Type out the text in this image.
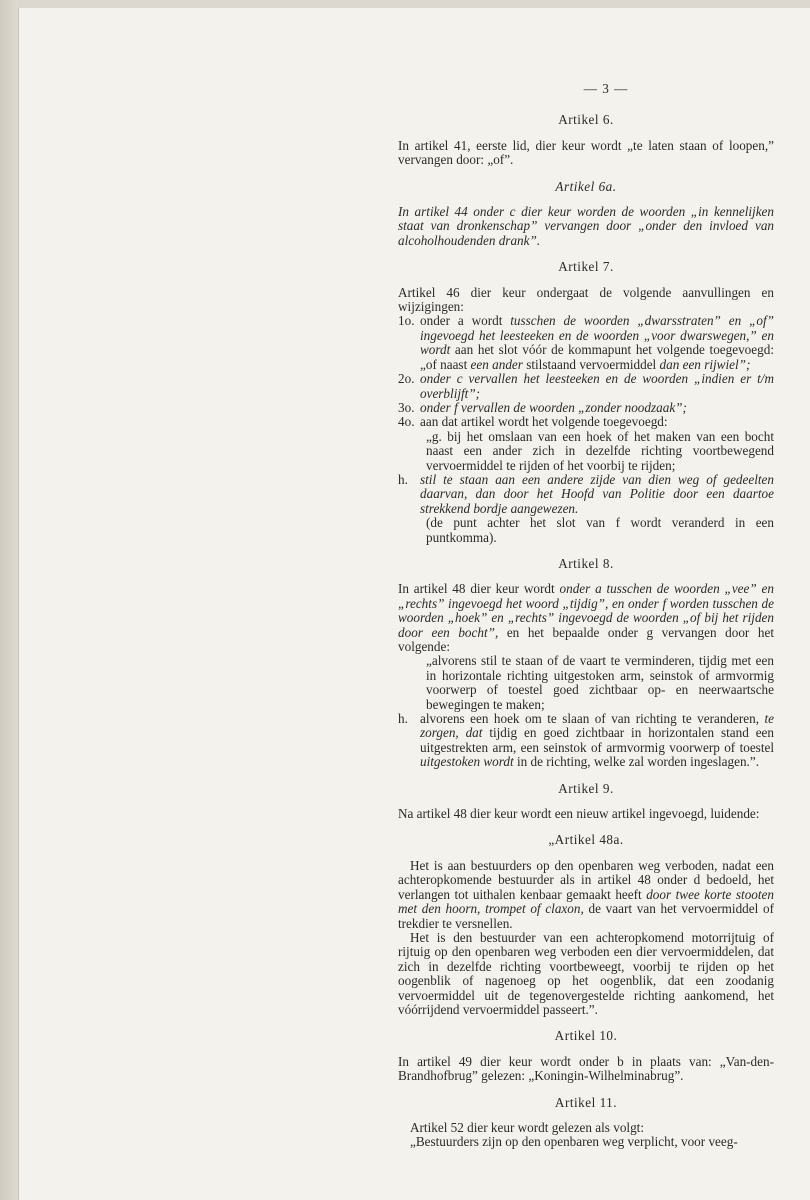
— 3 —
Artikel 6.

In artikel 41, eerste lid, dier keur wordt „te laten staan of loopen,” vervangen door: „of”.

Artikel 6a.

In artikel 44 onder c dier keur worden de woorden „in kennelijken staat van dronkenschap” vervangen door „onder den invloed van alcoholhoudenden drank”.

Artikel 7.
Artikel 46 dier keur ondergaat de volgende aanvullingen en wijzigingen:
1o. onder a wordt tusschen de woorden „dwarsstraten” en „of” ingevoegd het leesteeken en de woorden „voor dwarswegen,” en wordt aan het slot vóór de kommapunt het volgende toegevoegd: „of naast een ander stilstaand vervoermiddel dan een rijwiel”;
2o. onder c vervallen het leesteeken en de woorden „indien er t/m overblijft”;
3o. onder f vervallen de woorden „zonder noodzaak”;
4o. aan dat artikel wordt het volgende toegevoegd:
„g. bij het omslaan van een hoek of het maken van een bocht naast een ander zich in dezelfde richting voortbewegend vervoermiddel te rijden of het voorbij te rijden;
h. stil te staan aan een andere zijde van dien weg of gedeelten daarvan, dan door het Hoofd van Politie door een daartoe strekkend bordje aangewezen.
(de punt achter het slot van f wordt veranderd in een puntkomma).
Artikel 8.
In artikel 48 dier keur wordt onder a tusschen de woorden „vee” en „rechts” ingevoegd het woord „tijdig”, en onder f worden tusschen de woorden „hoek” en „rechts” ingevoegd de woorden „of bij het rijden door een bocht”, en het bepaalde onder g vervangen door het volgende:
„alvorens stil te staan of de vaart te verminderen, tijdig met een in horizontale richting uitgestoken arm, seinstok of armvormig voorwerp of toestel goed zichtbaar op- en neerwaartsche bewegingen te maken;
h. alvorens een hoek om te slaan of van richting te veranderen, te zorgen, dat tijdig en goed zichtbaar in horizontalen stand een uitgestrekten arm, een seinstok of armvormig voorwerp of toestel uitgestoken wordt in de richting, welke zal worden ingeslagen.”.
Artikel 9.

Na artikel 48 dier keur wordt een nieuw artikel ingevoegd, luidende:

„Artikel 48a.
Het is aan bestuurders op den openbaren weg verboden, nadat een achteropkomende bestuurder als in artikel 48 onder d bedoeld, het verlangen tot uithalen kenbaar gemaakt heeft door twee korte stooten met den hoorn, trompet of claxon, de vaart van het vervoermiddel of trekdier te versnellen.
Het is den bestuurder van een achteropkomend motorrijtuig of rijtuig op den openbaren weg verboden een dier vervoermiddelen, dat zich in dezelfde richting voortbeweegt, voorbij te rijden op het oogenblik of nagenoeg op het oogenblik, dat een zoodanig vervoermiddel uit de tegenovergestelde richting aankomend, het vóórrijdend vervoermiddel passeert.”.
Artikel 10.

In artikel 49 dier keur wordt onder b in plaats van: „Van-den-Brandhofbrug” gelezen: „Koningin-Wilhelminabrug”.

Artikel 11.
Artikel 52 dier keur wordt gelezen als volgt:
„Bestuurders zijn op den openbaren weg verplicht, voor veeg-
